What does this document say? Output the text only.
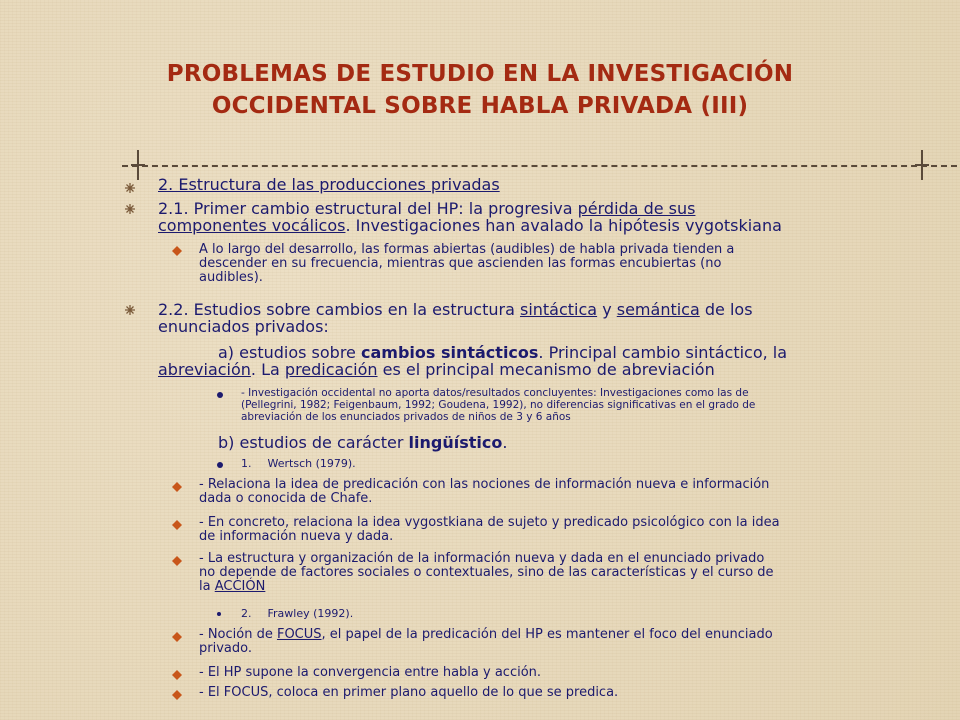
PROBLEMAS DE ESTUDIO EN LA INVESTIGACIÓN
OCCIDENTAL SOBRE HABLA PRIVADA (III)
2. Estructura de las producciones privadas
2.1. Primer cambio estructural del HP: la progresiva pérdida de sus
componentes vocálicos. Investigaciones han avalado la hipótesis vygotskiana
A lo largo del desarrollo, las formas abiertas (audibles) de habla privada tienden a
descender en su frecuencia, mientras que ascienden las formas encubiertas (no
audibles).
2.2. Estudios sobre cambios en la estructura sintáctica y semántica de los
enunciados privados:
a) estudios sobre cambios sintácticos. Principal cambio sintáctico, la
abreviación. La predicación es el principal mecanismo de abreviación
- Investigación occidental no aporta datos/resultados concluyentes: Investigaciones como las de
(Pellegrini, 1982; Feigenbaum, 1992; Goudena, 1992), no diferencias significativas en el grado de
abreviación de los enunciados privados de niños de 3 y 6 años
b) estudios de carácter lingüístico.
1. Wertsch (1979).
- Relaciona la idea de predicación con las nociones de información nueva e información
dada o conocida de Chafe.
- En concreto, relaciona la idea vygostkiana de sujeto y predicado psicológico con la idea
de información nueva y dada.
- La estructura y organización de la información nueva y dada en el enunciado privado
no depende de factores sociales o contextuales, sino de las características y el curso de
la ACCIÓN
2. Frawley (1992).
- Noción de FOCUS, el papel de la predicación del HP es mantener el foco del enunciado
privado.
- El HP supone la convergencia entre habla y acción.
- El FOCUS, coloca en primer plano aquello de lo que se predica.
